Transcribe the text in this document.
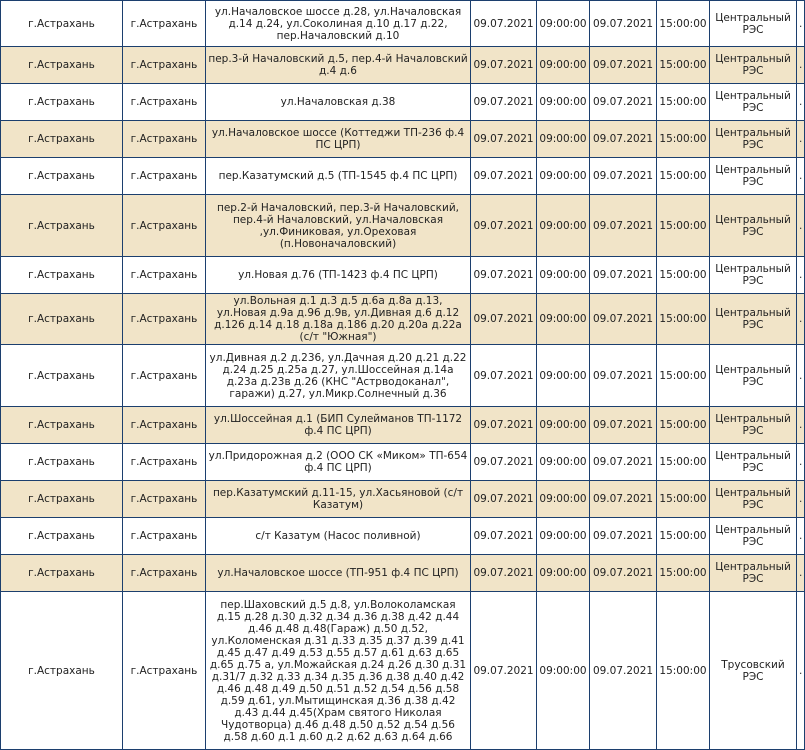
г.Астрахань	г.Астрахань	ул.Началовское шоссе д.28, ул.Началовская д.14 д.24, ул.Соколиная д.10 д.17 д.22, пер.Началовский д.10	09.07.2021	09:00:00	09.07.2021	15:00:00	Центральный РЭС	.
г.Астрахань	г.Астрахань	пер.3-й Началовский д.5, пер.4-й Началовский д.4 д.6	09.07.2021	09:00:00	09.07.2021	15:00:00	Центральный РЭС	.
г.Астрахань	г.Астрахань	ул.Началовская д.38	09.07.2021	09:00:00	09.07.2021	15:00:00	Центральный РЭС	.
г.Астрахань	г.Астрахань	ул.Началовское шоссе (Коттеджи ТП-236 ф.4 ПС ЦРП)	09.07.2021	09:00:00	09.07.2021	15:00:00	Центральный РЭС	.
г.Астрахань	г.Астрахань	пер.Казатумский д.5 (ТП-1545 ф.4 ПС ЦРП)	09.07.2021	09:00:00	09.07.2021	15:00:00	Центральный РЭС	.
г.Астрахань	г.Астрахань	пер.2-й Началовский, пер.3-й Началовский, пер.4-й Началовский, ул.Началовская ,ул.Финиковая, ул.Ореховая (п.Новоначаловский)	09.07.2021	09:00:00	09.07.2021	15:00:00	Центральный РЭС	.
г.Астрахань	г.Астрахань	ул.Новая д.76 (ТП-1423 ф.4 ПС ЦРП)	09.07.2021	09:00:00	09.07.2021	15:00:00	Центральный РЭС	.
г.Астрахань	г.Астрахань	ул.Вольная д.1 д.3 д.5 д.6а д.8а д.13, ул.Новая д.9а д.96 д.9в, ул.Дивная д.6 д.12 д.126 д.14 д.18 д.18а д.186 д.20 д.20а д.22а (с/т "Южная")	09.07.2021	09:00:00	09.07.2021	15:00:00	Центральный РЭС	.
г.Астрахань	г.Астрахань	ул.Дивная д.2 д.236, ул.Дачная д.20 д.21 д.22 д.24 д.25 д.25а д.27, ул.Шоссейная д.14а д.23а д.23в д.26 (КНС "Астрводоканал", гаражи) д.27, ул.Микр.Солнечный д.36	09.07.2021	09:00:00	09.07.2021	15:00:00	Центральный РЭС	.
г.Астрахань	г.Астрахань	ул.Шоссейная д.1 (БИП Сулейманов ТП-1172 ф.4 ПС ЦРП)	09.07.2021	09:00:00	09.07.2021	15:00:00	Центральный РЭС	.
г.Астрахань	г.Астрахань	ул.Придорожная д.2 (ООО СК «Миком» ТП-654 ф.4 ПС ЦРП)	09.07.2021	09:00:00	09.07.2021	15:00:00	Центральный РЭС	.
г.Астрахань	г.Астрахань	пер.Казатумский д.11-15, ул.Хасьяновой (с/т Казатум)	09.07.2021	09:00:00	09.07.2021	15:00:00	Центральный РЭС	.
г.Астрахань	г.Астрахань	с/т Казатум (Насос поливной)	09.07.2021	09:00:00	09.07.2021	15:00:00	Центральный РЭС	.
г.Астрахань	г.Астрахань	ул.Началовское шоссе (ТП-951 ф.4 ПС ЦРП)	09.07.2021	09:00:00	09.07.2021	15:00:00	Центральный РЭС	.
г.Астрахань	г.Астрахань	пер.Шаховский д.5 д.8, ул.Волоколамская д.15 д.28 д.30 д.32 д.34 д.36 д.38 д.42 д.44 д.46 д.48 д.48(Гараж) д.50 д.52, ул.Коломенская д.31 д.33 д.35 д.37 д.39 д.41 д.45 д.47 д.49 д.53 д.55 д.57 д.61 д.63 д.65 д.65 д.75 а, ул.Можайская д.24 д.26 д.30 д.31 д.31/7 д.32 д.33 д.34 д.35 д.36 д.38 д.40 д.42 д.46 д.48 д.49 д.50 д.51 д.52 д.54 д.56 д.58 д.59 д.61, ул.Мытищинская д.36 д.38 д.42 д.43 д.44 д.45(Храм святого Николая Чудотворца) д.46 д.48 д.50 д.52 д.54 д.56 д.58 д.60 д.1 д.60 д.2 д.62 д.63 д.64 д.66	09.07.2021	09:00:00	09.07.2021	15:00:00	Трусовский РЭС	.
